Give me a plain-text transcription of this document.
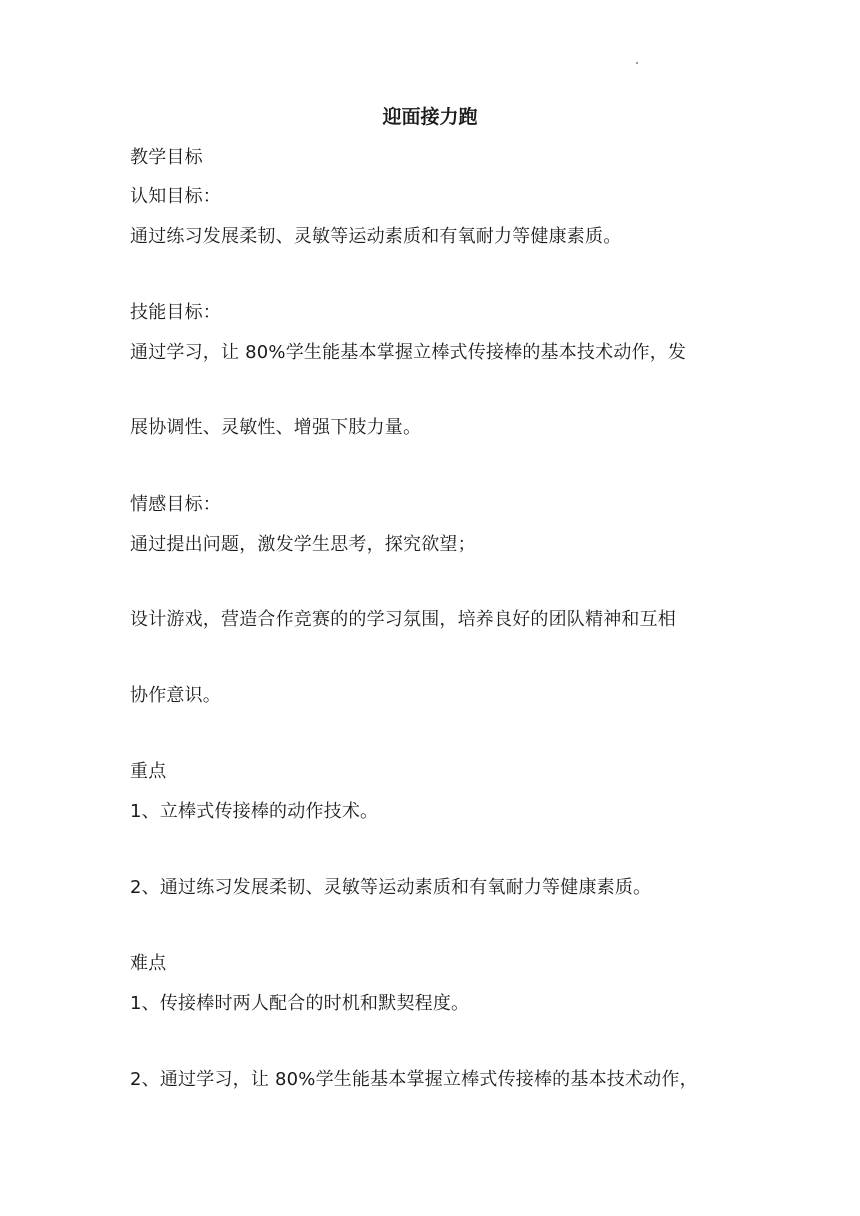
迎面接力跑
教学目标
认知目标：
通过练习发展柔韧、灵敏等运动素质和有氧耐力等健康素质。
技能目标：
通过学习，让 80%学生能基本掌握立棒式传接棒的基本技术动作，发
展协调性、灵敏性、增强下肢力量。
情感目标：
通过提出问题，激发学生思考，探究欲望；
设计游戏，营造合作竞赛的的学习氛围，培养良好的团队精神和互相
协作意识。
重点
1、立棒式传接棒的动作技术。
2、通过练习发展柔韧、灵敏等运动素质和有氧耐力等健康素质。
难点
1、传接棒时两人配合的时机和默契程度。
2、通过学习，让 80%学生能基本掌握立棒式传接棒的基本技术动作，
